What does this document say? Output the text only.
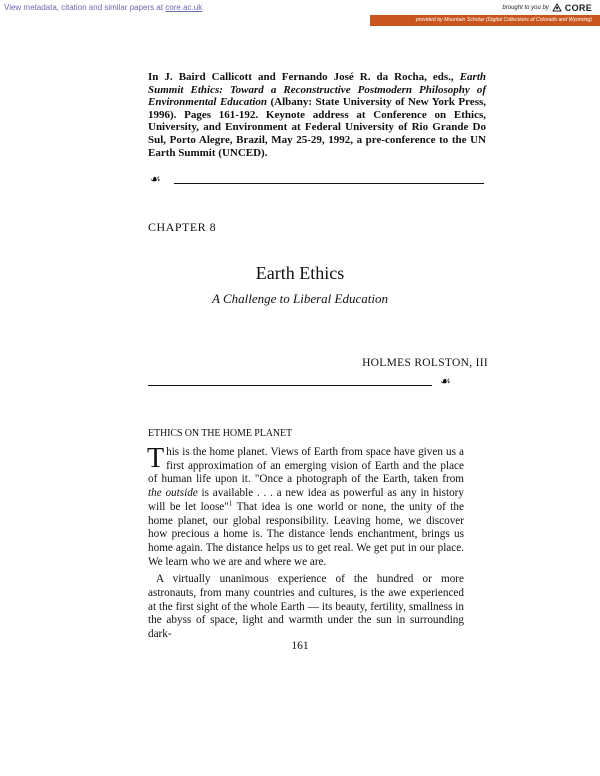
View metadata, citation and similar papers at core.ac.uk	brought to you by CORE
provided by Mountain Scholar (Digital Collections of Colorado and Wyoming)
In J. Baird Callicott and Fernando José R. da Rocha, eds., Earth Summit Ethics: Toward a Reconstructive Postmodern Philosophy of Environmental Education (Albany: State University of New York Press, 1996). Pages 161-192. Keynote address at Conference on Ethics, University, and Environment at Federal University of Rio Grande Do Sul, Porto Alegre, Brazil, May 25-29, 1992, a pre-conference to the UN Earth Summit (UNCED).
☙
CHAPTER 8
Earth Ethics
A Challenge to Liberal Education
HOLMES ROLSTON, III
☙
ETHICS ON THE HOME PLANET

This is the home planet. Views of Earth from space have given us a first approximation of an emerging vision of Earth and the place of human life upon it. "Once a photograph of the Earth, taken from the outside is available . . . a new idea as powerful as any in history will be let loose"$^1$ That idea is one world or none, the unity of the home planet, our global responsibility. Leaving home, we discover how precious a home is. The distance lends enchantment, brings us home again. The distance helps us to get real. We get put in our place. We learn who we are and where we are.

A virtually unanimous experience of the hundred or more astronauts, from many countries and cultures, is the awe experienced at the first sight of the whole Earth — its beauty, fertility, smallness in the abyss of space, light and warmth under the sun in surrounding dark-

161
